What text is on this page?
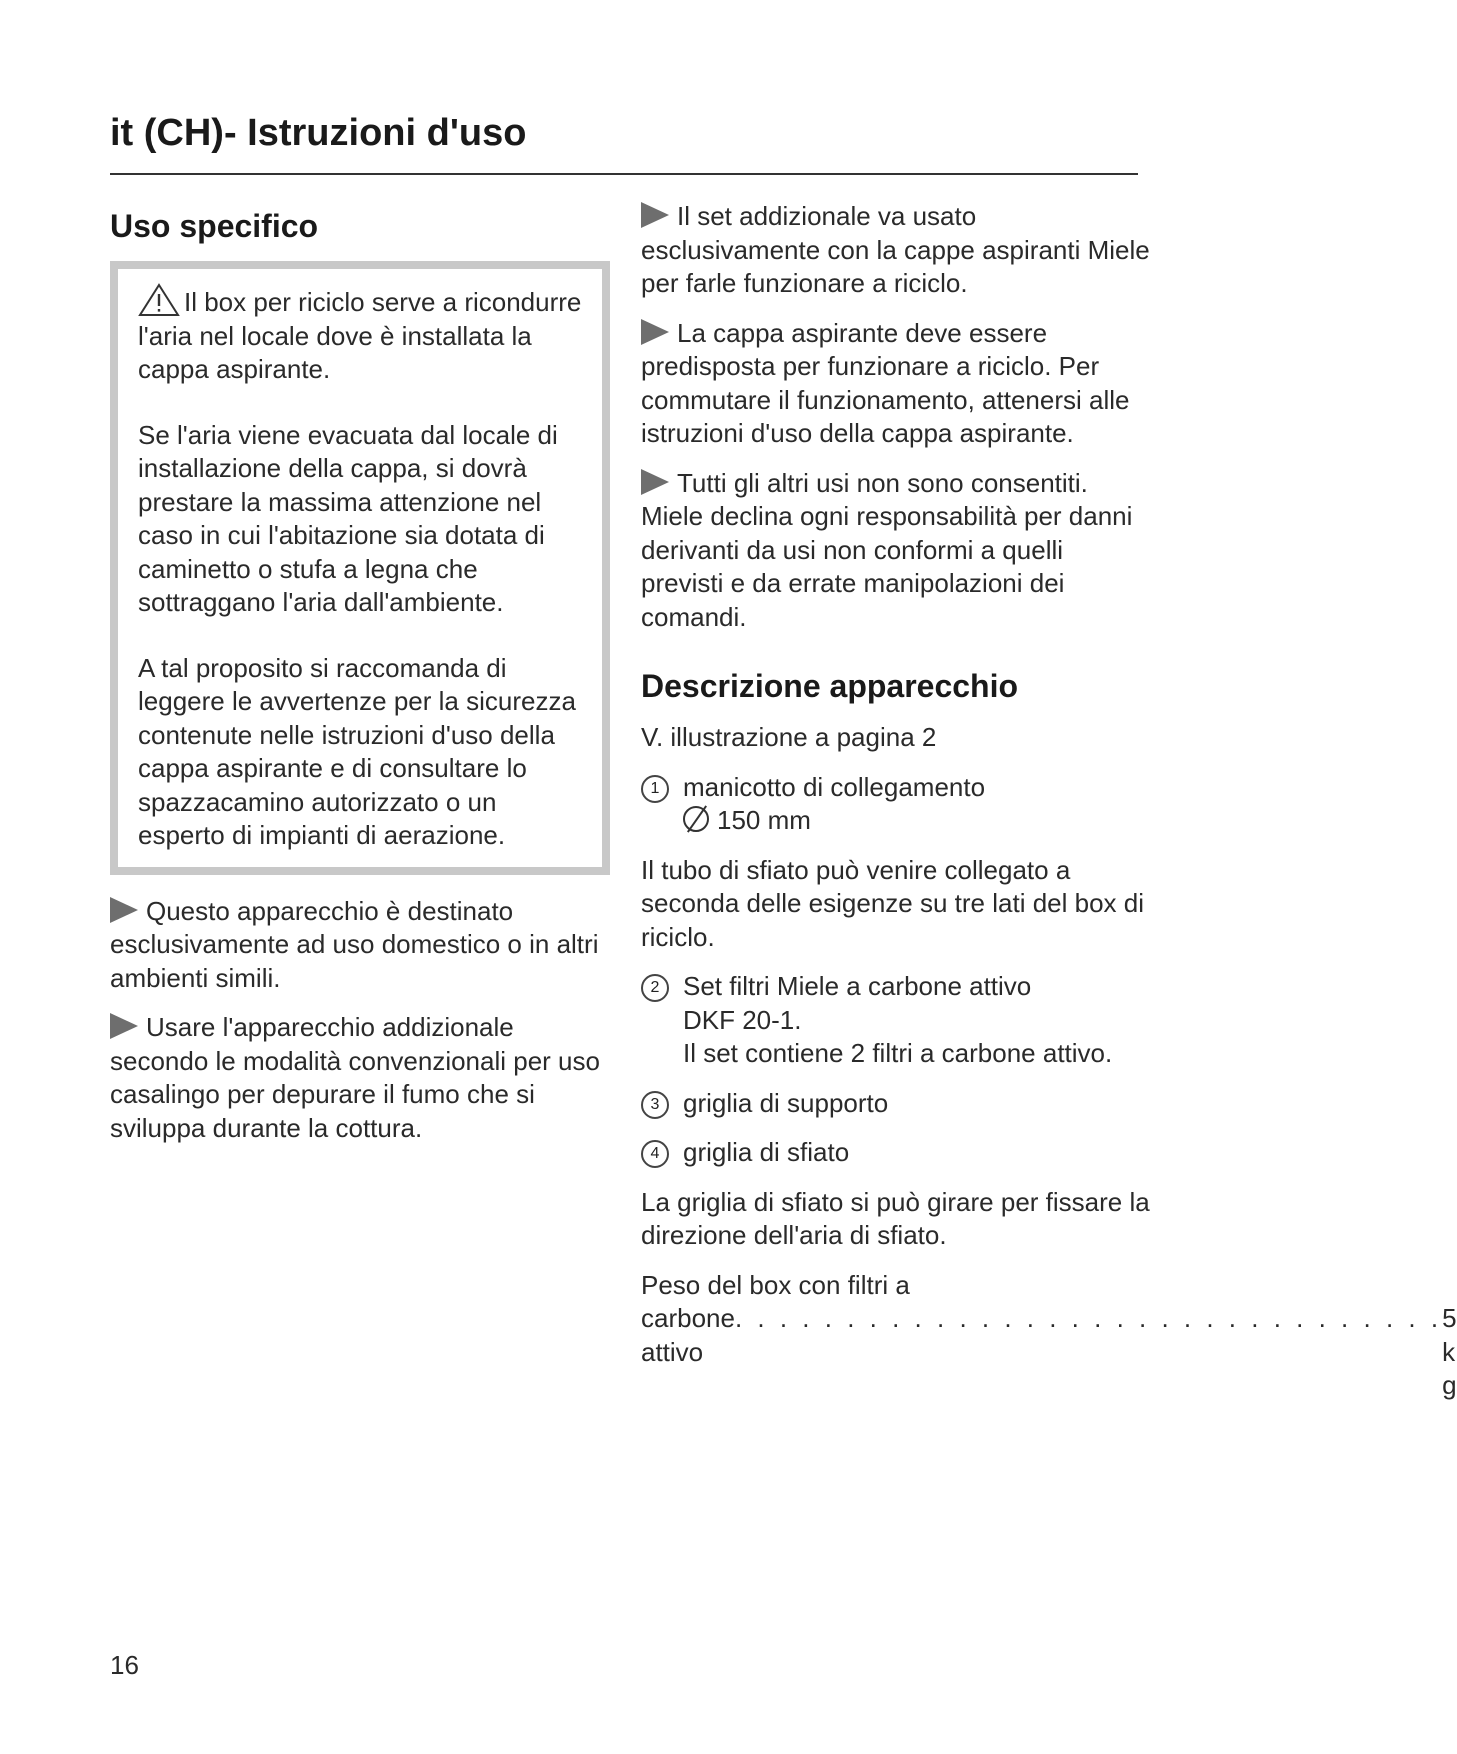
it (CH)- Istruzioni d'uso
Uso specifico

Il box per riciclo serve a ricondurre l'aria nel locale dove è installata la cappa aspirante.

Se l'aria viene evacuata dal locale di installazione della cappa, si dovrà prestare la massima attenzione nel caso in cui l'abitazione sia dotata di caminetto o stufa a legna che sottraggano l'aria dall'ambiente.

A tal proposito si raccomanda di leggere le avvertenze per la sicurezza contenute nelle istruzioni d'uso della cappa aspirante e di consultare lo spazzacamino autorizzato o un esperto di impianti di aerazione.

Questo apparecchio è destinato esclusivamente ad uso domestico o in altri ambienti simili.

Usare l'apparecchio addizionale secondo le modalità convenzionali per uso casalingo per depurare il fumo che si sviluppa durante la cottura.

Il set addizionale va usato esclusivamente con la cappe aspiranti Miele per farle funzionare a riciclo.

La cappa aspirante deve essere predisposta per funzionare a riciclo. Per commutare il funzionamento, attenersi alle istruzioni d'uso della cappa aspirante.

Tutti gli altri usi non sono consentiti. Miele declina ogni responsabilità per danni derivanti da usi non conformi a quelli previsti e da errate manipolazioni dei comandi.

Descrizione apparecchio

V. illustrazione a pagina 2

1 manicotto di collegamento

150 mm

Il tubo di sfiato può venire collegato a seconda delle esigenze su tre lati del box di riciclo.

2 Set filtri Miele a carbone attivo

DKF 20-1.

Il set contiene 2 filtri a carbone attivo.

3 griglia di supporto

4 griglia di sfiato

La griglia di sfiato si può girare per fissare la direzione dell'aria di sfiato.

Peso del box con filtri a

carbone attivo
. . . . . . . . . . . . . . . . . . . . . . . . . . . . . . . . 5 k g
16
